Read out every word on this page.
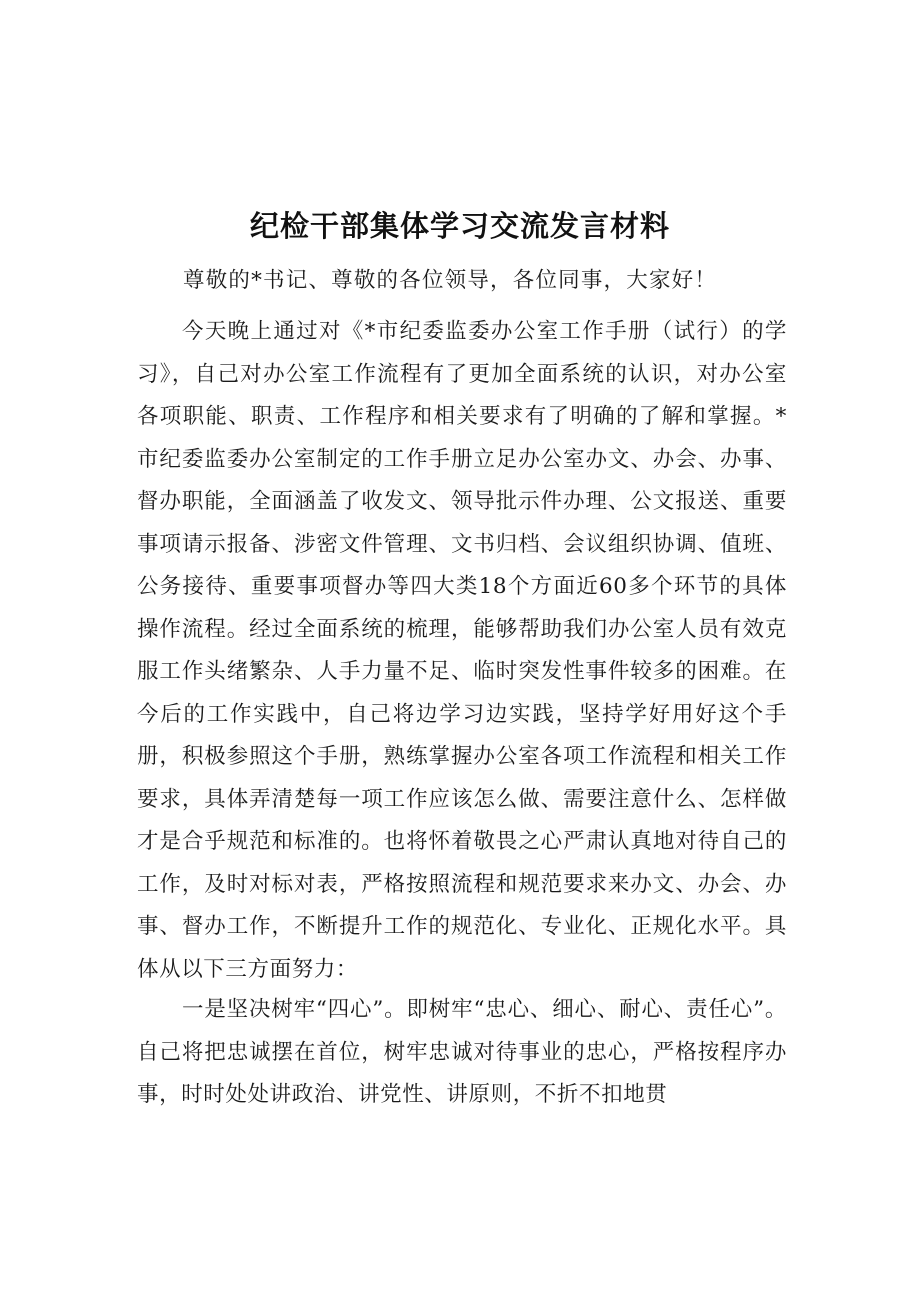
纪检干部集体学习交流发言材料
尊敬的*书记、尊敬的各位领导，各位同事，大家好！

今天晚上通过对《*市纪委监委办公室工作手册（试行）的学习》，自己对办公室工作流程有了更加全面系统的认识，对办公室各项职能、职责、工作程序和相关要求有了明确的了解和掌握。*市纪委监委办公室制定的工作手册立足办公室办文、办会、办事、督办职能，全面涵盖了收发文、领导批示件办理、公文报送、重要事项请示报备、涉密文件管理、文书归档、会议组织协调、值班、公务接待、重要事项督办等四大类18个方面近60多个环节的具体操作流程。经过全面系统的梳理，能够帮助我们办公室人员有效克服工作头绪繁杂、人手力量不足、临时突发性事件较多的困难。在今后的工作实践中，自己将边学习边实践，坚持学好用好这个手册，积极参照这个手册，熟练掌握办公室各项工作流程和相关工作要求，具体弄清楚每一项工作应该怎么做、需要注意什么、怎样做才是合乎规范和标准的。也将怀着敬畏之心严肃认真地对待自己的工作，及时对标对表，严格按照流程和规范要求来办文、办会、办事、督办工作，不断提升工作的规范化、专业化、正规化水平。具体从以下三方面努力：

一是坚决树牢“四心”。即树牢“忠心、细心、耐心、责任心”。自己将把忠诚摆在首位，树牢忠诚对待事业的忠心，严格按程序办事，时时处处讲政治、讲党性、讲原则，不折不扣地贯
